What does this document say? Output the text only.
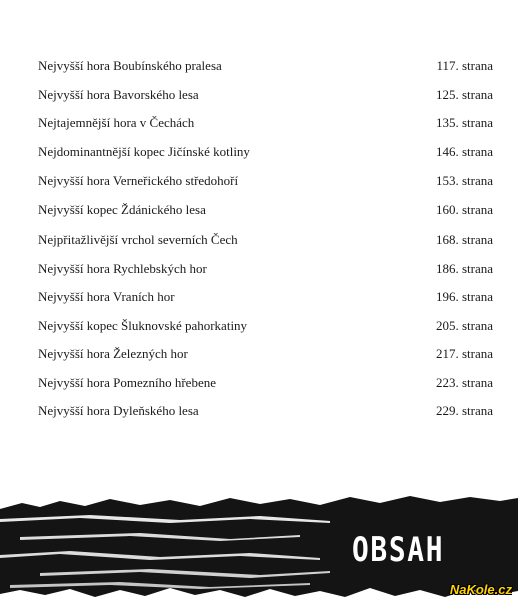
Nejvyšší hora Boubínského pralesa	117. strana
Nejvyšší hora Bavorského lesa	125. strana
Nejtajemnější hora v Čechách	135. strana
Nejdominantnější kopec Jičínské kotliny	146. strana
Nejvyšší hora Verneřického středohoří	153. strana
Nejvyšší kopec Ždánického lesa	160. strana
Nejpřitažlivější vrchol severních Čech	168. strana
Nejvyšší hora Rychlebských hor	186. strana
Nejvyšší hora Vraních hor	196. strana
Nejvyšší kopec Šluknovské pahorkatiny	205. strana
Nejvyšší hora Železných hor	217. strana
Nejvyšší hora Pomezního hřebene	223. strana
Nejvyšší hora Dyleňského lesa	229. strana
OBSAH
NaKole.cz
